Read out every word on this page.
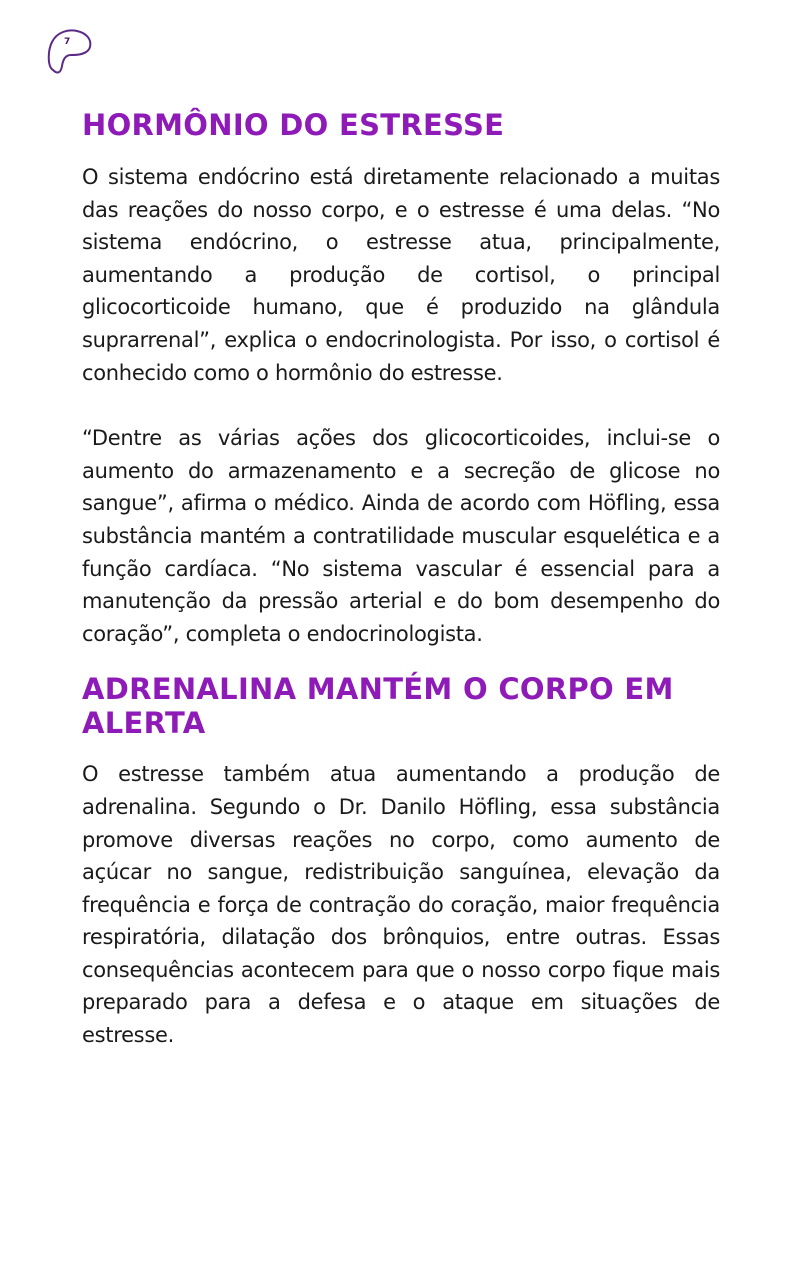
7
HORMÔNIO DO ESTRESSE

O sistema endócrino está diretamente relacionado a muitas das reações do nosso corpo, e o estresse é uma delas. “No sistema endócrino, o estresse atua, principalmente, aumentando a produção de cortisol, o principal glicocorticoide humano, que é produzido na glândula suprarrenal”, explica o endocrinologista. Por isso, o cortisol é conhecido como o hormônio do estresse.

“Dentre as várias ações dos glicocorticoides, inclui-se o aumento do armazenamento e a secreção de glicose no sangue”, afirma o médico. Ainda de acordo com Höfling, essa substância mantém a contratilidade muscular esquelética e a função cardíaca. “No sistema vascular é essencial para a manutenção da pressão arterial e do bom desempenho do coração”, completa o endocrinologista.

ADRENALINA MANTÉM O CORPO EM ALERTA

O estresse também atua aumentando a produção de adrenalina. Segundo o Dr. Danilo Höfling, essa substância promove diversas reações no corpo, como aumento de açúcar no sangue, redistribuição sanguínea, elevação da frequência e força de contração do coração, maior frequência respiratória, dilatação dos brônquios, entre outras. Essas consequências acontecem para que o nosso corpo fique mais preparado para a defesa e o ataque em situações de estresse.
